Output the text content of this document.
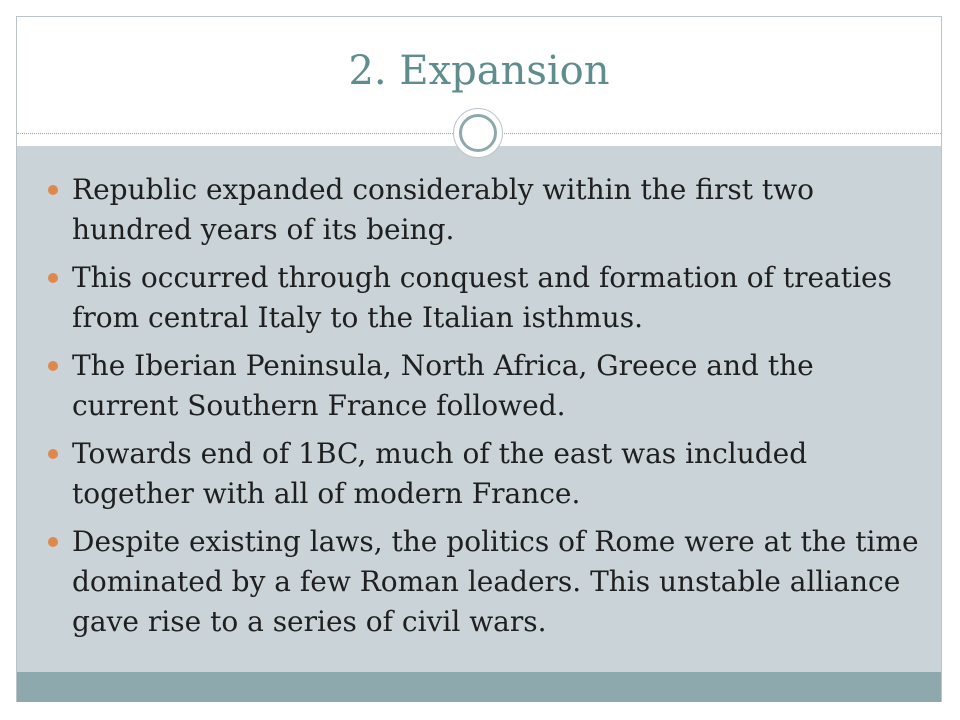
2. Expansion
Republic expanded considerably within the first two hundred years of its being.
This occurred through conquest and formation of treaties from central Italy to the Italian isthmus.
The Iberian Peninsula, North Africa, Greece and the current Southern France followed.
Towards end of 1BC, much of the east was included together with all of modern France.
Despite existing laws, the politics of Rome were at the time dominated by a few Roman leaders. This unstable alliance gave rise to a series of civil wars.
